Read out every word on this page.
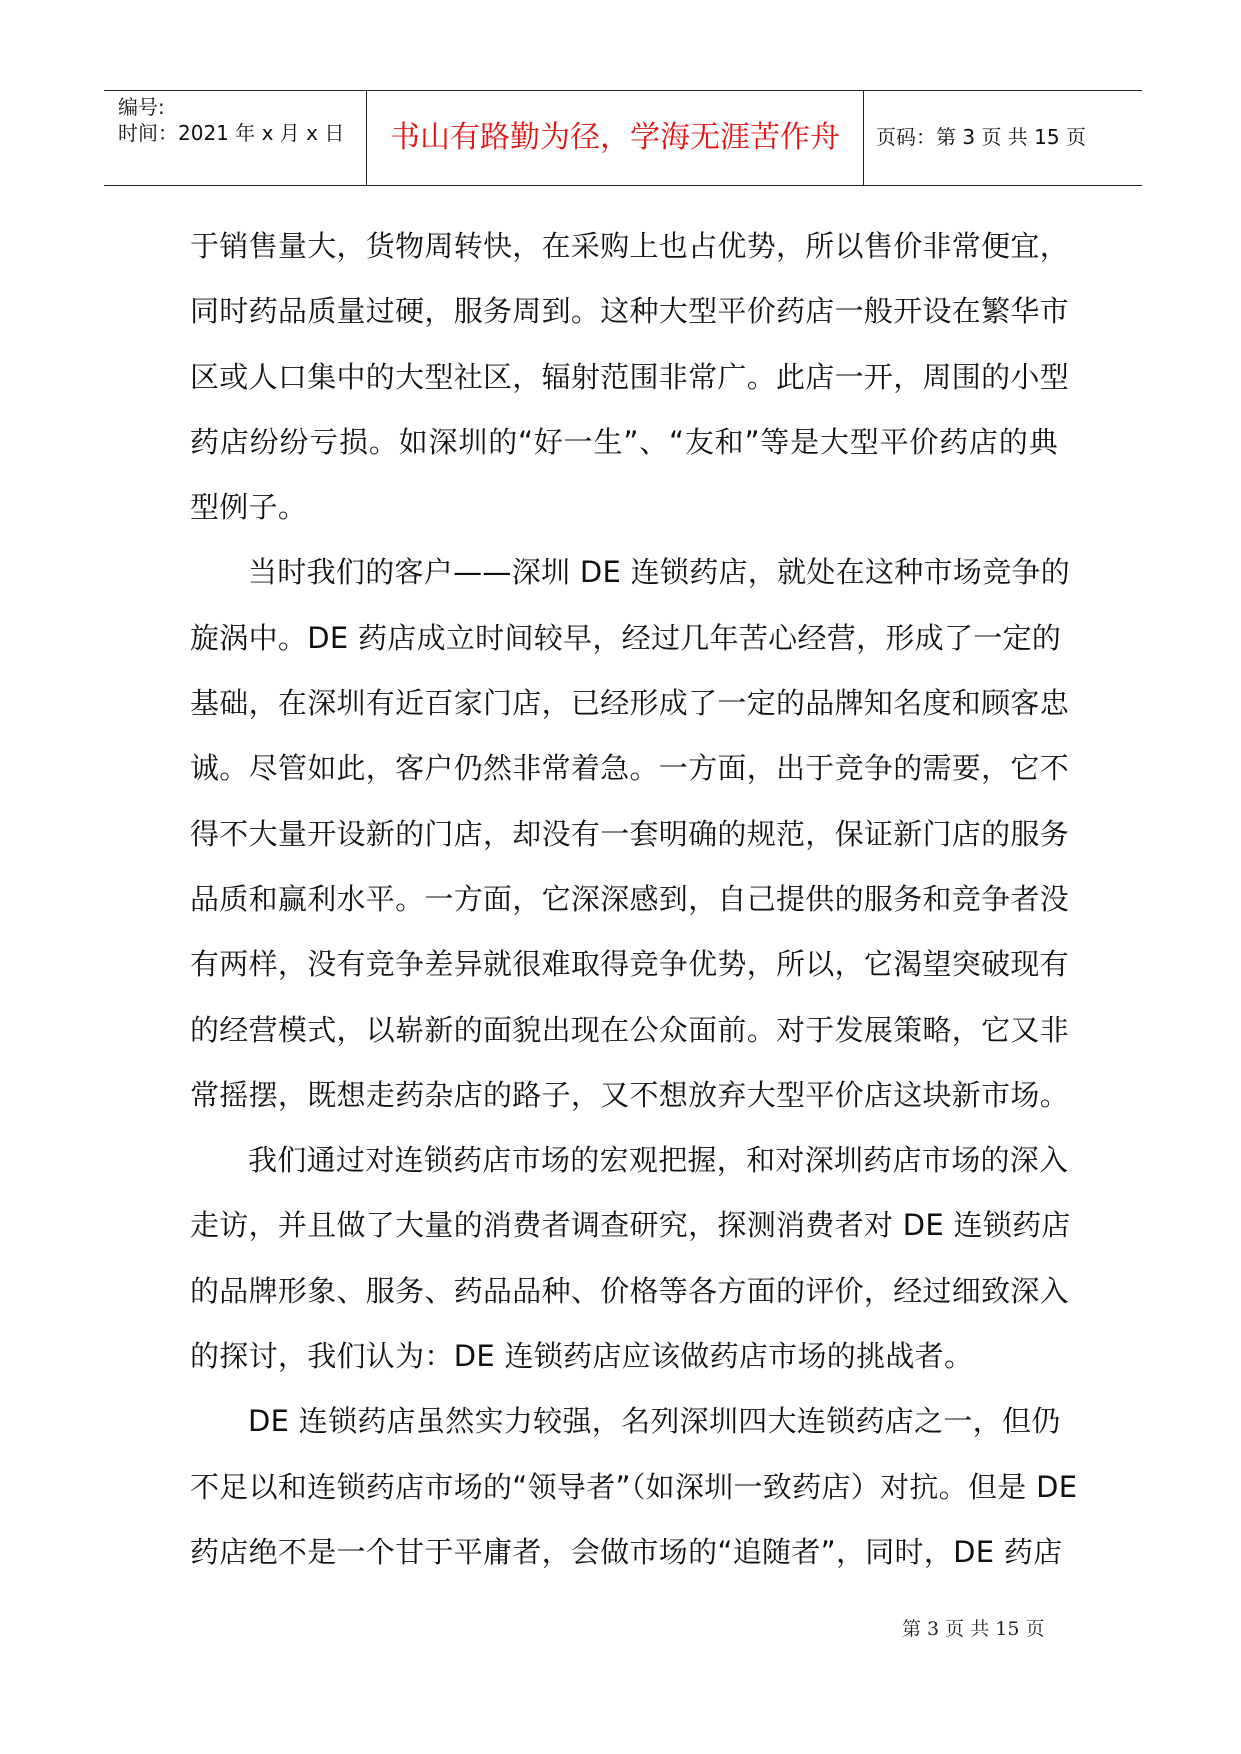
编号:
时间：2021 年 x 月 x 日	书山有路勤为径，学海无涯苦作舟	页码：第 3 页 共 15 页
于销售量大，货物周转快，在采购上也占优势，所以售价非常便宜，
同时药品质量过硬，服务周到。这种大型平价药店一般开设在繁华市
区或人口集中的大型社区，辐射范围非常广。此店一开，周围的小型
药店纷纷亏损。如深圳的“好一生”、“友和”等是大型平价药店的典
型例子。
当时我们的客户——深圳 DE 连锁药店，就处在这种市场竞争的
旋涡中。DE 药店成立时间较早，经过几年苦心经营，形成了一定的
基础，在深圳有近百家门店，已经形成了一定的品牌知名度和顾客忠
诚。尽管如此，客户仍然非常着急。一方面，出于竞争的需要，它不
得不大量开设新的门店，却没有一套明确的规范，保证新门店的服务
品质和赢利水平。一方面，它深深感到，自己提供的服务和竞争者没
有两样，没有竞争差异就很难取得竞争优势，所以，它渴望突破现有
的经营模式，以崭新的面貌出现在公众面前。对于发展策略，它又非
常摇摆，既想走药杂店的路子，又不想放弃大型平价店这块新市场。
我们通过对连锁药店市场的宏观把握，和对深圳药店市场的深入
走访，并且做了大量的消费者调查研究，探测消费者对 DE 连锁药店
的品牌形象、服务、药品品种、价格等各方面的评价，经过细致深入
的探讨，我们认为：DE 连锁药店应该做药店市场的挑战者。
DE 连锁药店虽然实力较强，名列深圳四大连锁药店之一，但仍
不足以和连锁药店市场的“领导者”（如深圳一致药店）对抗。但是 DE
药店绝不是一个甘于平庸者，会做市场的“追随者”，同时，DE 药店
第 3 页 共 15 页
